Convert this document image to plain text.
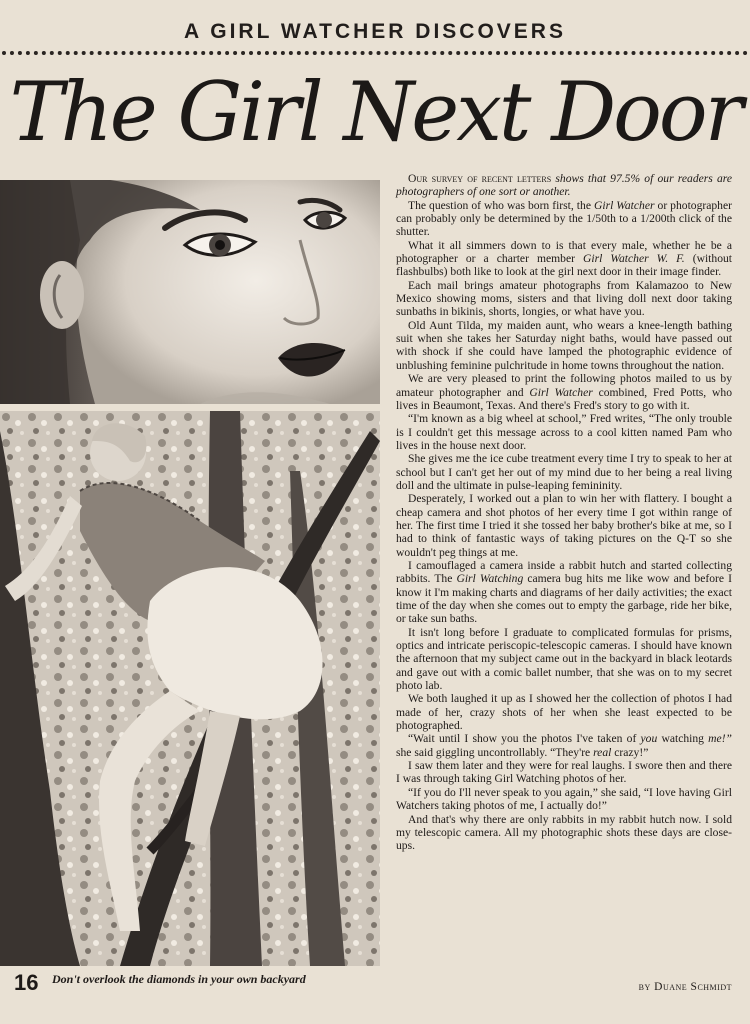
A GIRL WATCHER DISCOVERS
The Girl Next Door
16 Don't overlook the diamonds in your own backyard

Our survey of recent letters shows that 97.5% of our readers are photographers of one sort or another.

The question of who was born first, the Girl Watcher or photographer can probably only be determined by the 1/50th to a 1/200th click of the shutter.

What it all simmers down to is that every male, whether he be a photographer or a charter member Girl Watcher W. F. (without flashbulbs) both like to look at the girl next door in their image finder.

Each mail brings amateur photographs from Kalamazoo to New Mexico showing moms, sisters and that living doll next door taking sunbaths in bikinis, shorts, longies, or what have you.

Old Aunt Tilda, my maiden aunt, who wears a knee-length bathing suit when she takes her Saturday night baths, would have passed out with shock if she could have lamped the photographic evidence of unblushing feminine pulchritude in home towns throughout the nation.

We are very pleased to print the following photos mailed to us by amateur photographer and Girl Watcher combined, Fred Potts, who lives in Beaumont, Texas. And there's Fred's story to go with it.

“I'm known as a big wheel at school,” Fred writes, “The only trouble is I couldn't get this message across to a cool kitten named Pam who lives in the house next door.

She gives me the ice cube treatment every time I try to speak to her at school but I can't get her out of my mind due to her being a real living doll and the ultimate in pulse-leaping femininity.

Desperately, I worked out a plan to win her with flattery. I bought a cheap camera and shot photos of her every time I got within range of her. The first time I tried it she tossed her baby brother's bike at me, so I had to think of fantastic ways of taking pictures on the Q-T so she wouldn't peg things at me.

I camouflaged a camera inside a rabbit hutch and started collecting rabbits. The Girl Watching camera bug hits me like wow and before I know it I'm making charts and diagrams of her daily activities; the exact time of the day when she comes out to empty the garbage, ride her bike, or take sun baths.

It isn't long before I graduate to complicated formulas for prisms, optics and intricate periscopic-telescopic cameras. I should have known the afternoon that my subject came out in the backyard in black leotards and gave out with a comic ballet number, that she was on to my secret photo lab.

We both laughed it up as I showed her the collection of photos I had made of her, crazy shots of her when she least expected to be photographed.

“Wait until I show you the photos I've taken of you watching me!” she said giggling uncontrollably. “They're real crazy!”

I saw them later and they were for real laughs. I swore then and there I was through taking Girl Watching photos of her.

“If you do I'll never speak to you again,” she said, “I love having Girl Watchers taking photos of me, I actually do!”

And that's why there are only rabbits in my rabbit hutch now. I sold my telescopic camera. All my photographic shots these days are close-ups.

by Duane Schmidt
